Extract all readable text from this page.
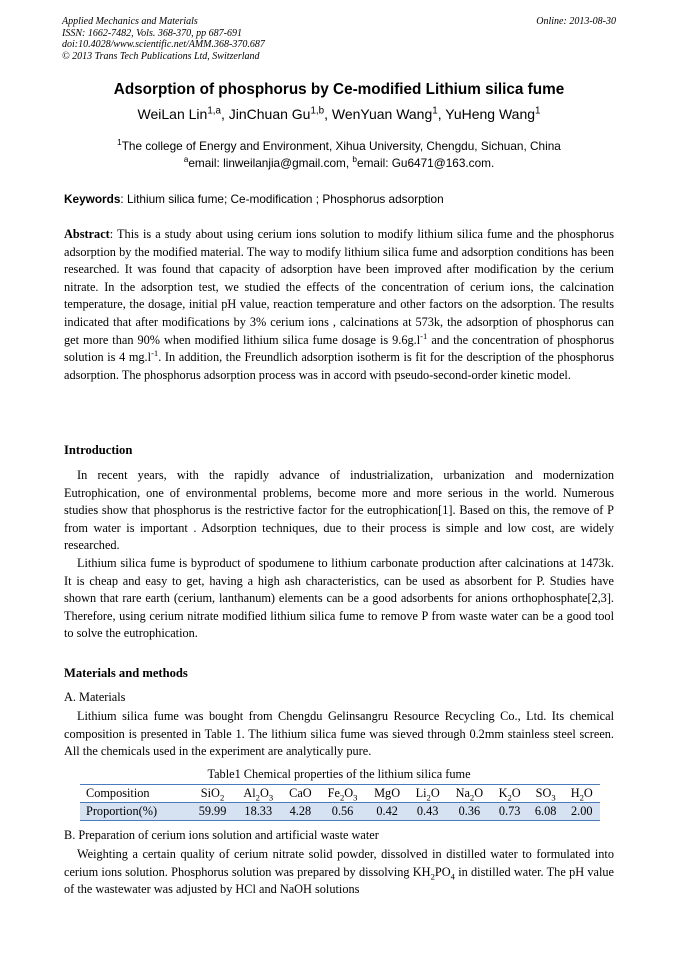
Applied Mechanics and Materials
ISSN: 1662-7482, Vols. 368-370, pp 687-691
doi:10.4028/www.scientific.net/AMM.368-370.687
© 2013 Trans Tech Publications Ltd, Switzerland
Online: 2013-08-30
Adsorption of phosphorus by Ce-modified Lithium silica fume
WeiLan Lin$^{1,a}$, JinChuan Gu$^{1,b}$, WenYuan Wang$^1$, YuHeng Wang$^1$
$^1$The college of Energy and Environment, Xihua University, Chengdu, Sichuan, China
$^a$email: linweilanjia@gmail.com, $^b$email: Gu6471@163.com.
Keywords: Lithium silica fume; Ce-modification ; Phosphorus adsorption

Abstract: This is a study about using cerium ions solution to modify lithium silica fume and the phosphorus adsorption by the modified material. The way to modify lithium silica fume and adsorption conditions has been researched. It was found that capacity of adsorption have been improved after modification by the cerium nitrate. In the adsorption test, we studied the effects of the concentration of cerium ions, the calcination temperature, the dosage, initial pH value, reaction temperature and other factors on the adsorption. The results indicated that after modifications by 3% cerium ions , calcinations at 573k, the adsorption of phosphorus can get more than 90% when modified lithium silica fume dosage is $9.6g.l^{-1}$ and the concentration of phosphorus solution is 4 $mg.l^{-1}$. In addition, the Freundlich adsorption isotherm is fit for the description of the phosphorus adsorption. The phosphorus adsorption process was in accord with pseudo-second-order kinetic model.

Introduction

In recent years, with the rapidly advance of industrialization, urbanization and modernization Eutrophication, one of environmental problems, become more and more serious in the world. Numerous studies show that phosphorus is the restrictive factor for the eutrophication[1]. Based on this, the remove of P from water is important . Adsorption techniques, due to their process is simple and low cost, are widely researched.

Lithium silica fume is byproduct of spodumene to lithium carbonate production after calcinations at 1473k. It is cheap and easy to get, having a high ash characteristics, can be used as absorbent for P. Studies have shown that rare earth (cerium, lanthanum) elements can be a good adsorbents for anions orthophosphate[2,3]. Therefore, using cerium nitrate modified lithium silica fume to remove P from waste water can be a good tool to solve the eutrophication.

Materials and methods
A. Materials

Lithium silica fume was bought from Chengdu Gelinsangru Resource Recycling Co., Ltd. Its chemical composition is presented in Table 1. The lithium silica fume was sieved through 0.2mm stainless steel screen. All the chemicals used in the experiment are analytically pure.

Table1 Chemical properties of the lithium silica fume
Composition	SiO$_2$	$Al_2O_3$	CaO	$Fe_2O_3$	MgO	$Li_2O$	$Na_2O$	$K_2O$	$SO_3$	$H_2O$
Proportion(%)	59.99	18.33	4.28	0.56	0.42	0.43	0.36	0.73	6.08	2.00
B. Preparation of cerium ions solution and artificial waste water

Weighting a certain quality of cerium nitrate solid powder, dissolved in distilled water to formulated into cerium ions solution. Phosphorus solution was prepared by dissolving $KH_2PO_4$ in distilled water. The pH value of the wastewater was adjusted by HCl and NaOH solutions
